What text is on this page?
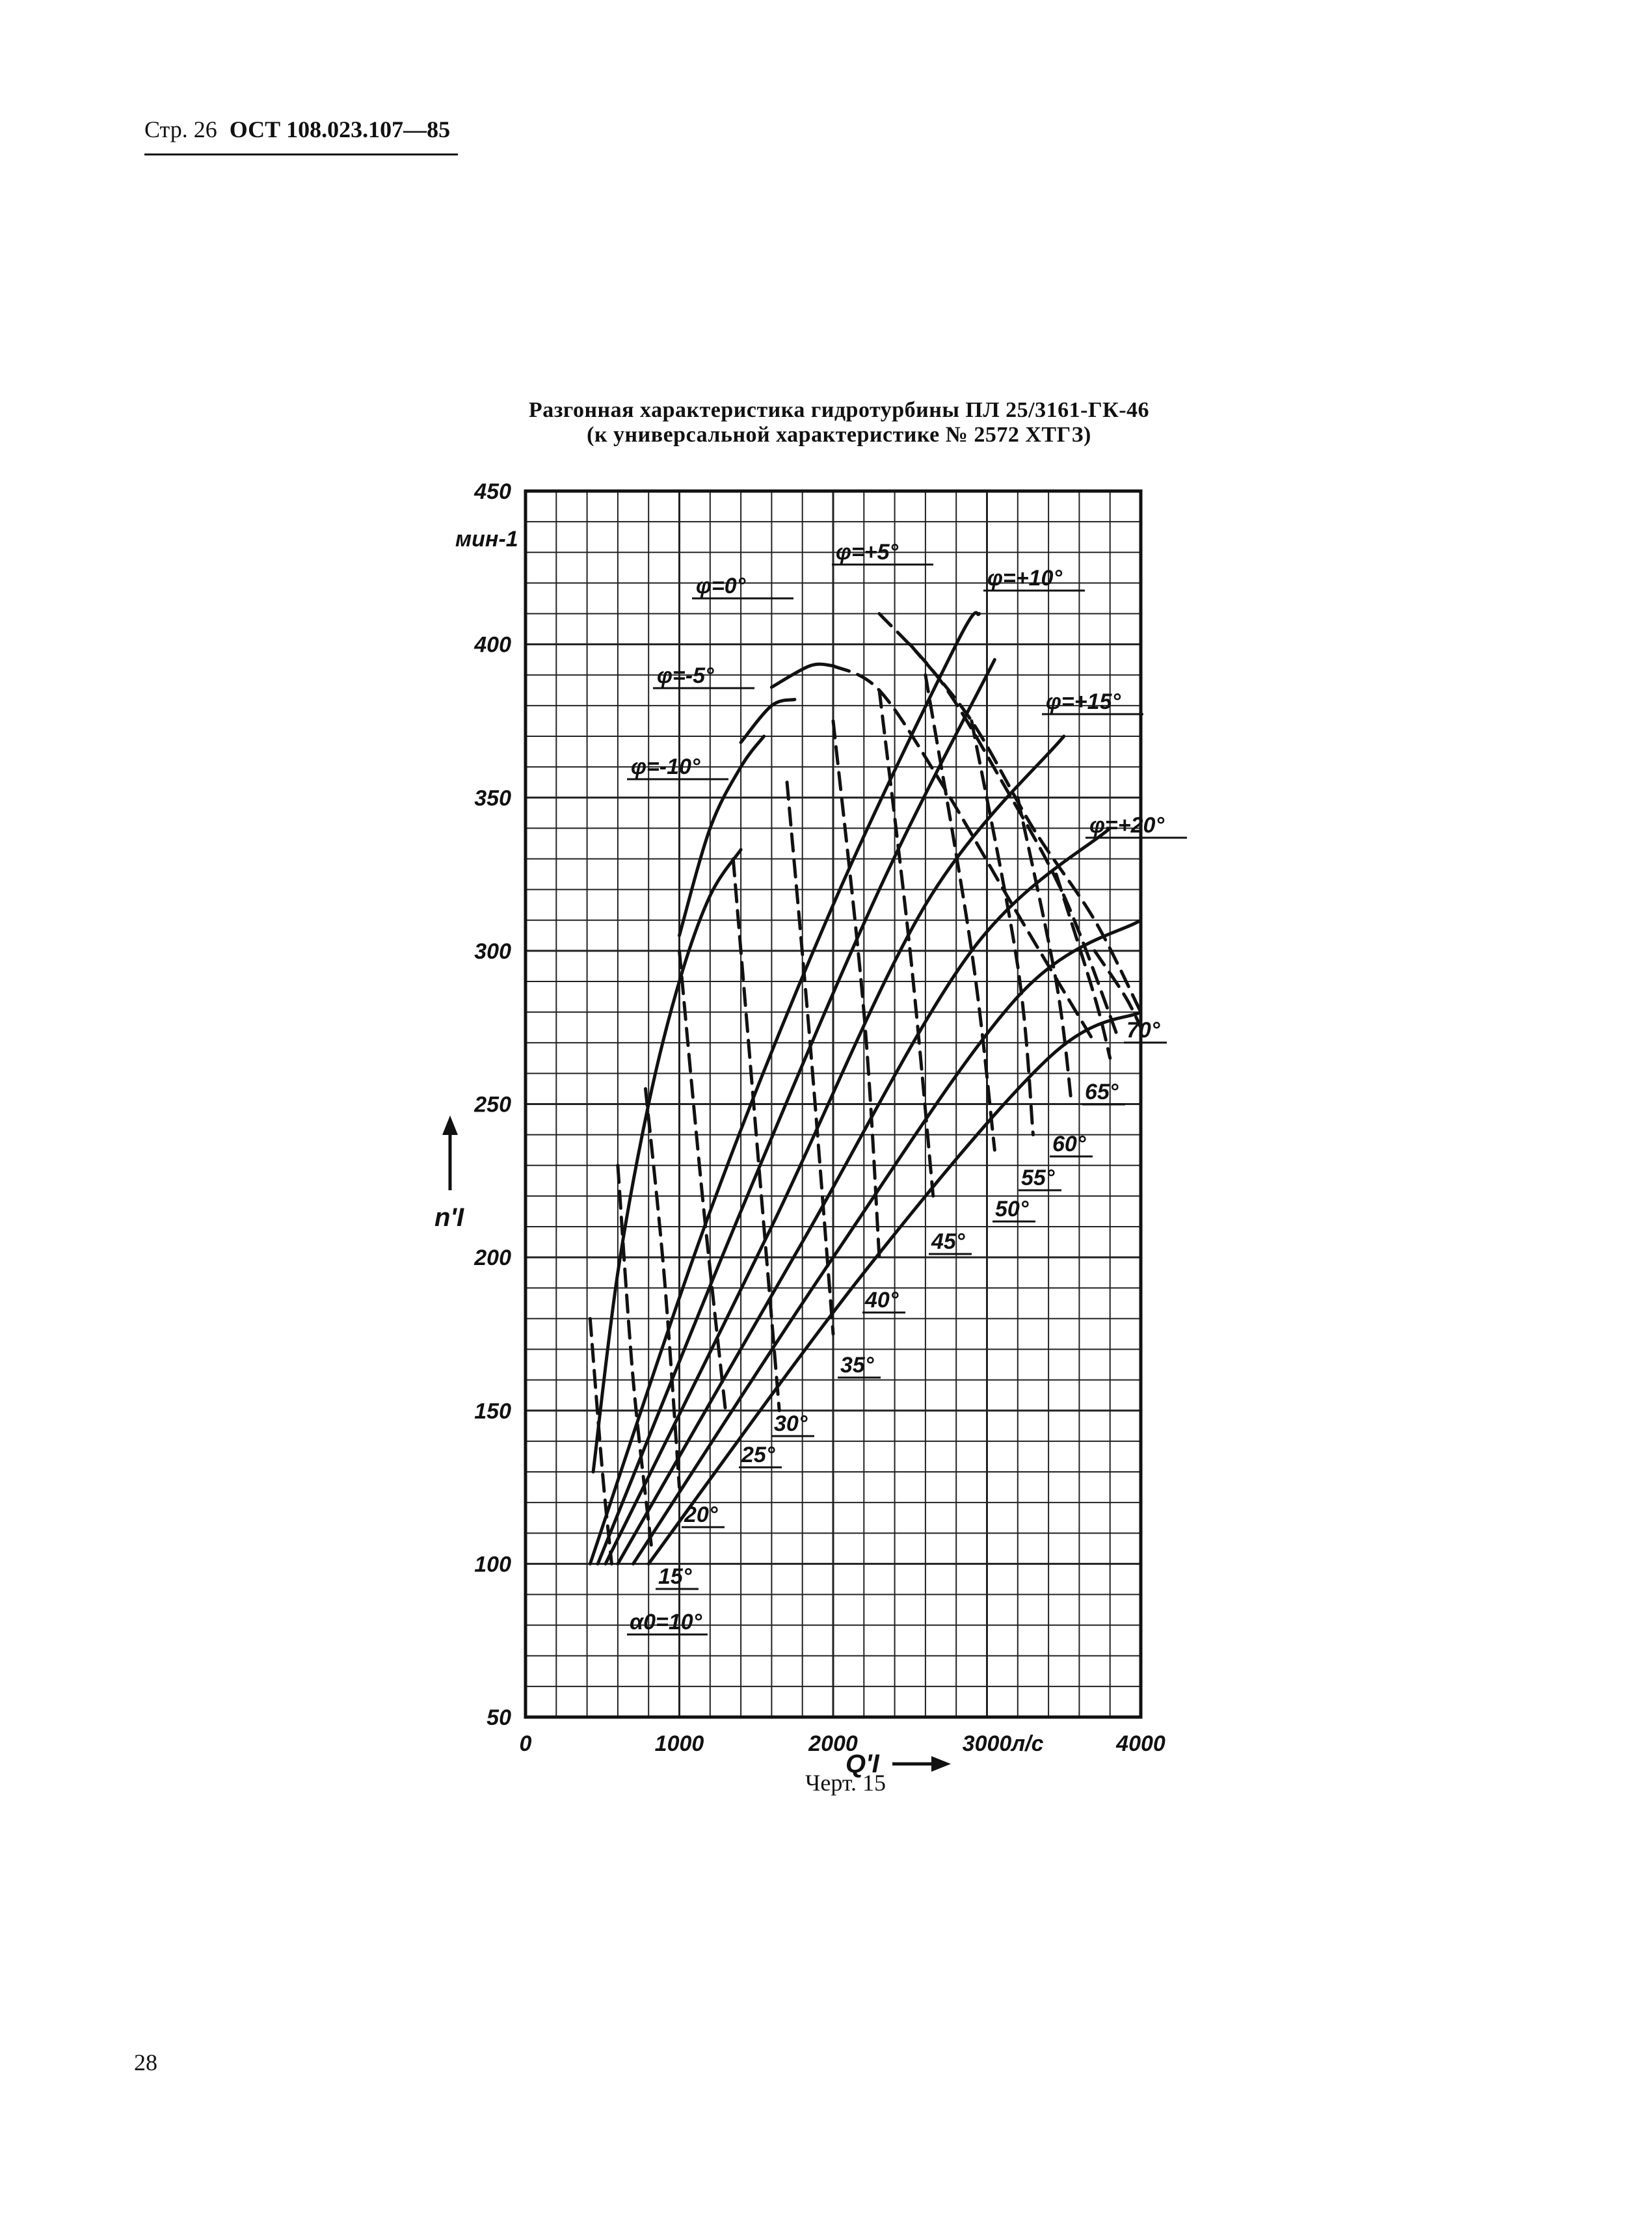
Стр. 26 ОСТ 108.023.107—85
Разгонная характеристика гидротурбины ПЛ 25/3161-ГК-46
(к универсальной характеристике № 2572 ХТГЗ)
φ=-10°
φ=-5°
φ=0°
φ=+5°
φ=+10°
φ=+15°
φ=+20°
α0=10°
15°
20°
25°
30°
35°
40°
45°
50°
55°
60°
65°
70°
50
100
150
200
250
300
350
400
450
0	1000	2000	3000	4000
мин-1
л/с
n'I
Q'I
Черт. 15
28
